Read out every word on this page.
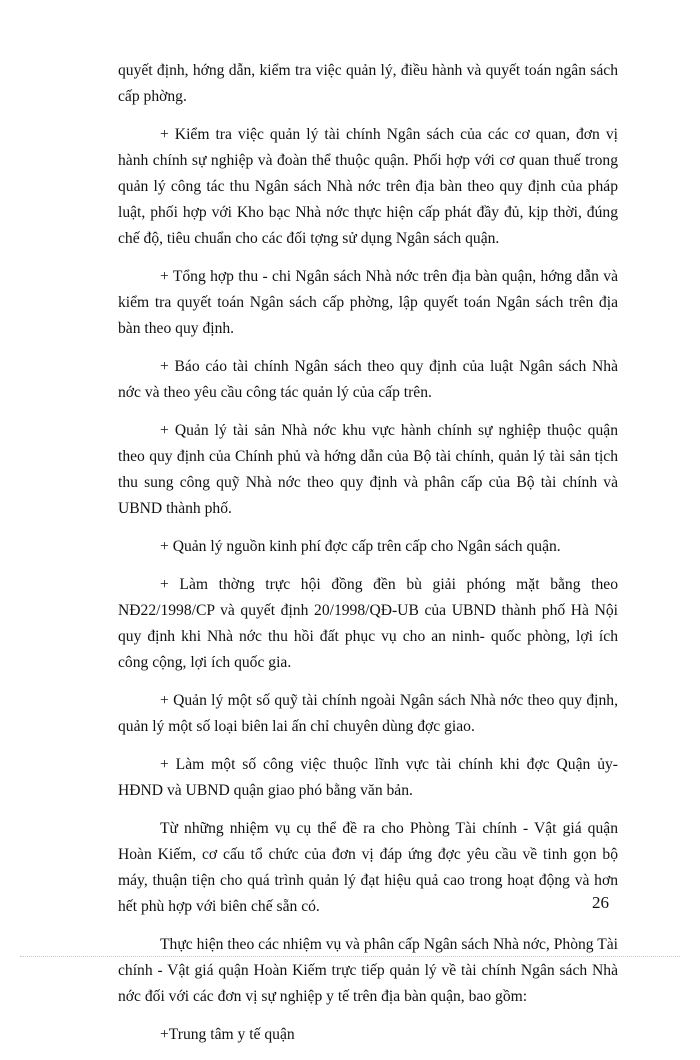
quyết định, hớng dẫn, kiểm tra việc quản lý, điều hành và quyết toán ngân sách cấp phờng.

+ Kiểm tra việc quản lý tài chính Ngân sách của các cơ quan, đơn vị hành chính sự nghiệp và đoàn thể thuộc quận. Phối hợp với cơ quan thuế trong quản lý công tác thu Ngân sách Nhà nớc trên địa bàn theo quy định của pháp luật, phối hợp với Kho bạc Nhà nớc thực hiện cấp phát đầy đủ, kịp thời, đúng chế độ, tiêu chuẩn cho các đối tợng sử dụng Ngân sách quận.

+ Tổng hợp thu - chi Ngân sách Nhà nớc trên địa bàn quận, hớng dẫn và kiểm tra quyết toán Ngân sách cấp phờng, lập quyết toán Ngân sách trên địa bàn theo quy định.

+ Báo cáo tài chính Ngân sách theo quy định của luật Ngân sách Nhà nớc và theo yêu cầu công tác quản lý của cấp trên.

+ Quản lý tài sản Nhà nớc khu vực hành chính sự nghiệp thuộc quận theo quy định của Chính phủ và hớng dẫn của Bộ tài chính, quản lý tài sản tịch thu sung công quỹ Nhà nớc theo quy định và phân cấp của Bộ tài chính và UBND thành phố.

+ Quản lý nguồn kinh phí đợc cấp trên cấp cho Ngân sách quận.

+ Làm thờng trực hội đồng đền bù giải phóng mặt bằng theo NĐ22/1998/CP và quyết định 20/1998/QĐ-UB của UBND thành phố Hà Nội quy định khi Nhà nớc thu hồi đất phục vụ cho an ninh- quốc phòng, lợi ích công cộng, lợi ích quốc gia.

+ Quản lý một số quỹ tài chính ngoài Ngân sách Nhà nớc theo quy định, quản lý một số loại biên lai ấn chỉ chuyên dùng đợc giao.

+ Làm một số công việc thuộc lĩnh vực tài chính khi đợc Quận ủy-HĐND và UBND quận giao phó bằng văn bản.

Từ những nhiệm vụ cụ thể đề ra cho Phòng Tài chính - Vật giá quận Hoàn Kiếm, cơ cấu tổ chức của đơn vị đáp ứng đợc yêu cầu về tinh gọn bộ máy, thuận tiện cho quá trình quản lý đạt hiệu quả cao trong hoạt động và hơn hết phù hợp với biên chế sẵn có.

Thực hiện theo các nhiệm vụ và phân cấp Ngân sách Nhà nớc, Phòng Tài chính - Vật giá quận Hoàn Kiếm trực tiếp quản lý về tài chính Ngân sách Nhà nớc đối với các đơn vị sự nghiệp y tế trên địa bàn quận, bao gồm:

+Trung tâm y tế quận

26
